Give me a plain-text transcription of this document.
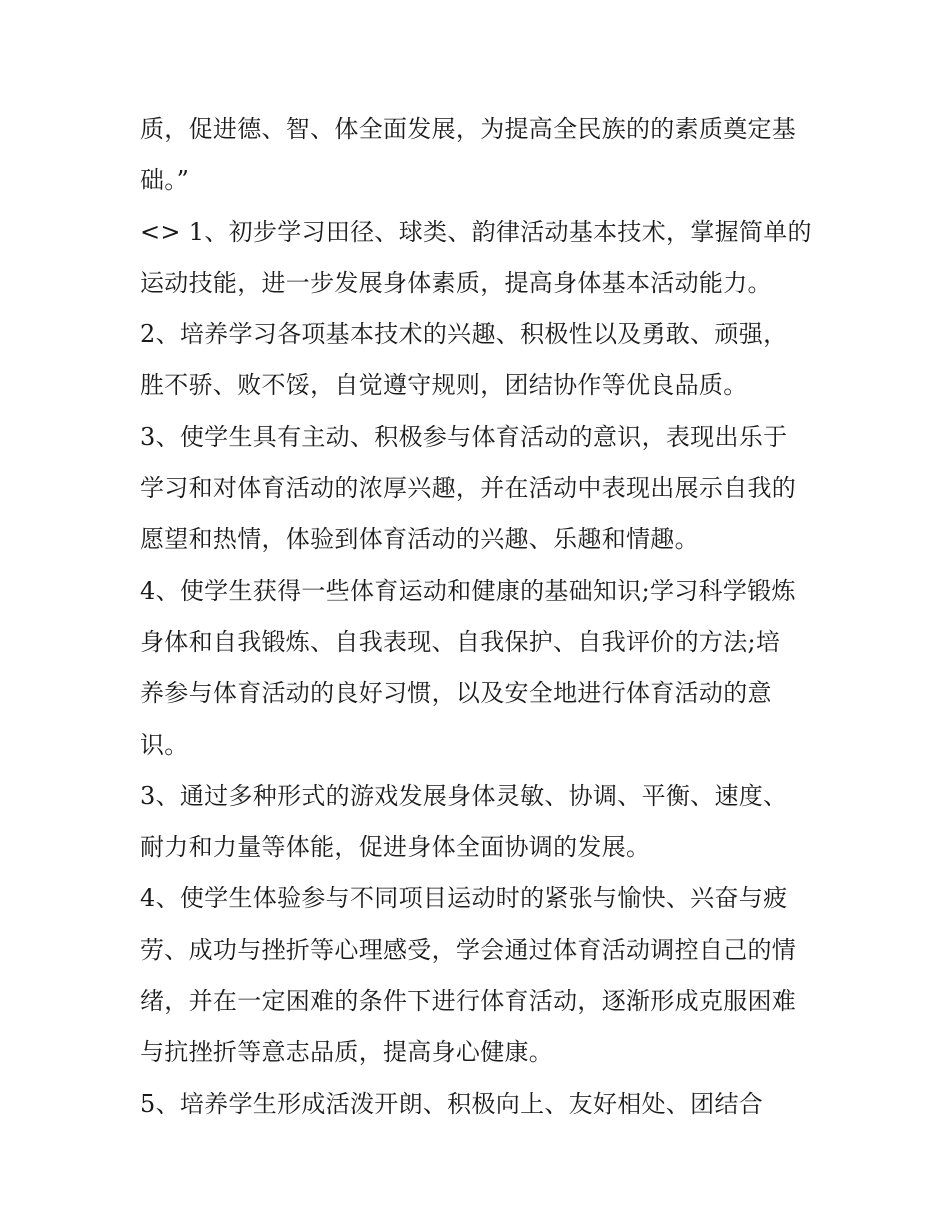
质，促进德、智、体全面发展，为提高全民族的的素质奠定基
础。”
<> 1、初步学习田径、球类、韵律活动基本技术，掌握简单的
运动技能，进一步发展身体素质，提高身体基本活动能力。
2、培养学习各项基本技术的兴趣、积极性以及勇敢、顽强，
胜不骄、败不馁，自觉遵守规则，团结协作等优良品质。
3、使学生具有主动、积极参与体育活动的意识，表现出乐于
学习和对体育活动的浓厚兴趣，并在活动中表现出展示自我的
愿望和热情，体验到体育活动的兴趣、乐趣和情趣。
4、使学生获得一些体育运动和健康的基础知识;学习科学锻炼
身体和自我锻炼、自我表现、自我保护、自我评价的方法;培
养参与体育活动的良好习惯，以及安全地进行体育活动的意
识。
3、通过多种形式的游戏发展身体灵敏、协调、平衡、速度、
耐力和力量等体能，促进身体全面协调的发展。
4、使学生体验参与不同项目运动时的紧张与愉快、兴奋与疲
劳、成功与挫折等心理感受，学会通过体育活动调控自己的情
绪，并在一定困难的条件下进行体育活动，逐渐形成克服困难
与抗挫折等意志品质，提高身心健康。
5、培养学生形成活泼开朗、积极向上、友好相处、团结合
